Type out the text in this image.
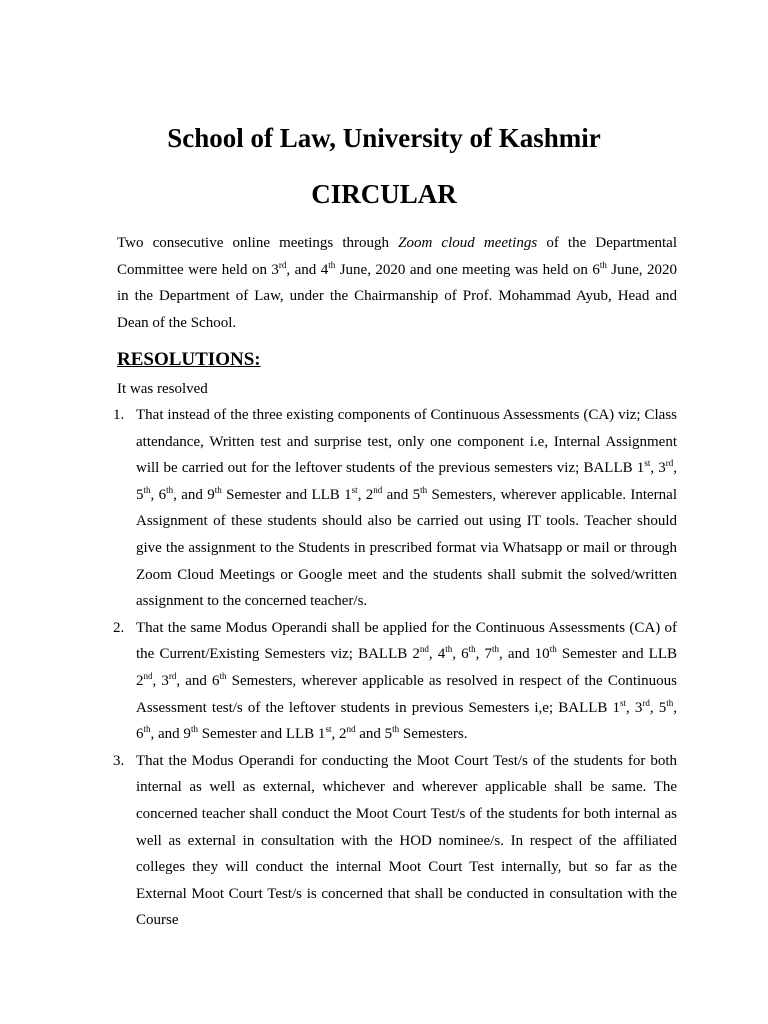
School of Law, University of Kashmir
CIRCULAR

Two consecutive online meetings through Zoom cloud meetings of the Departmental Committee were held on 3rd, and 4th June, 2020 and one meeting was held on 6th June, 2020 in the Department of Law, under the Chairmanship of Prof. Mohammad Ayub, Head and Dean of the School.

RESOLUTIONS:

It was resolved

1. That instead of the three existing components of Continuous Assessments (CA) viz; Class attendance, Written test and surprise test, only one component i.e, Internal Assignment will be carried out for the leftover students of the previous semesters viz; BALLB 1st, 3rd, 5th, 6th, and 9th Semester and LLB 1st, 2nd and 5th Semesters, wherever applicable. Internal Assignment of these students should also be carried out using IT tools. Teacher should give the assignment to the Students in prescribed format via Whatsapp or mail or through Zoom Cloud Meetings or Google meet and the students shall submit the solved/written assignment to the concerned teacher/s.
2. That the same Modus Operandi shall be applied for the Continuous Assessments (CA) of the Current/Existing Semesters viz; BALLB 2nd, 4th, 6th, 7th, and 10th Semester and LLB 2nd, 3rd, and 6th Semesters, wherever applicable as resolved in respect of the Continuous Assessment test/s of the leftover students in previous Semesters i,e; BALLB 1st, 3rd, 5th, 6th, and 9th Semester and LLB 1st, 2nd and 5th Semesters.
3. That the Modus Operandi for conducting the Moot Court Test/s of the students for both internal as well as external, whichever and wherever applicable shall be same. The concerned teacher shall conduct the Moot Court Test/s of the students for both internal as well as external in consultation with the HOD nominee/s. In respect of the affiliated colleges they will conduct the internal Moot Court Test internally, but so far as the External Moot Court Test/s is concerned that shall be conducted in consultation with the Course
